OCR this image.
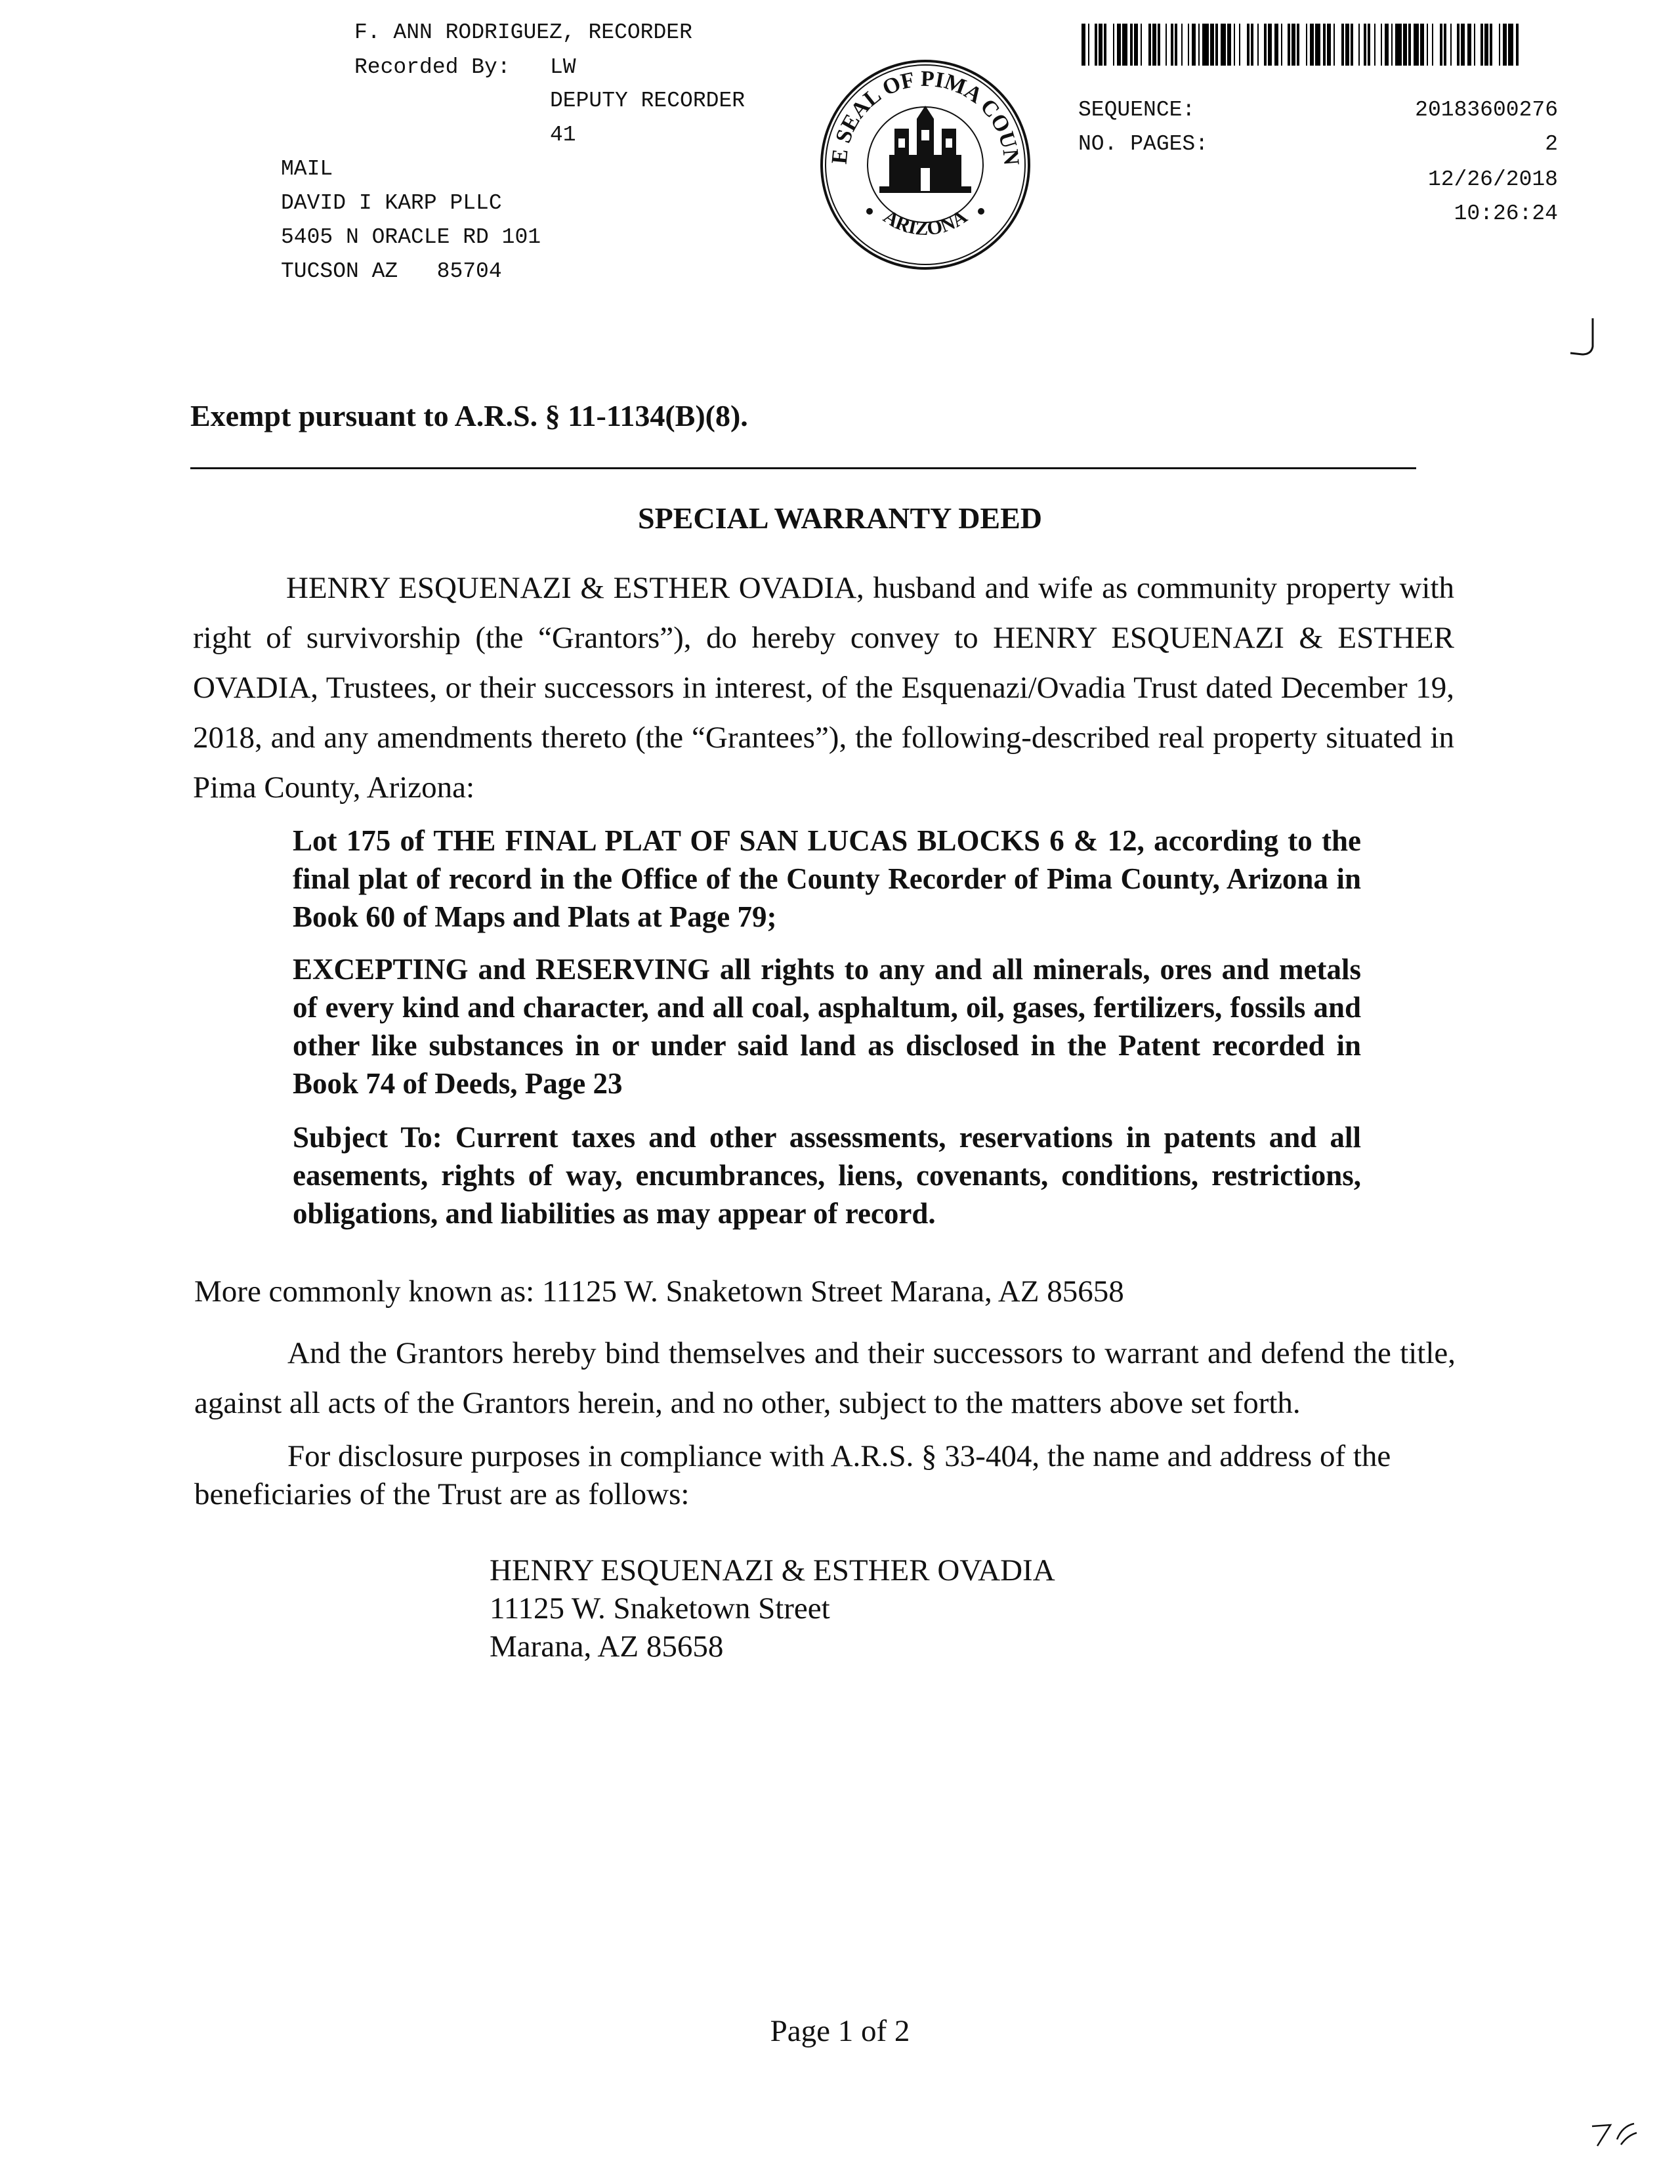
F. ANN RODRIGUEZ, RECORDER
Recorded By: LW
DEPUTY RECORDER
41
MAIL
DAVID I KARP PLLC
5405 N ORACLE RD 101
TUCSON AZ   85704
E SEAL OF PIMA COUN
ARIZONA
SEQUENCE:	20183600276
NO. PAGES:	2
12/26/2018
10:26:24
Exempt pursuant to A.R.S. § 11-1134(B)(8).
SPECIAL WARRANTY DEED
HENRY ESQUENAZI & ESTHER OVADIA, husband and wife as community property with right of survivorship (the “Grantors”), do hereby convey to HENRY ESQUENAZI & ESTHER OVADIA, Trustees, or their successors in interest, of the Esquenazi/Ovadia Trust dated December 19, 2018, and any amendments thereto (the “Grantees”), the following-described real property situated in Pima County, Arizona:
Lot 175 of THE FINAL PLAT OF SAN LUCAS BLOCKS 6 & 12, according to the final plat of record in the Office of the County Recorder of Pima County, Arizona in Book 60 of Maps and Plats at Page 79;
EXCEPTING and RESERVING all rights to any and all minerals, ores and metals of every kind and character, and all coal, asphaltum, oil, gases, fertilizers, fossils and other like substances in or under said land as disclosed in the Patent recorded in Book 74 of Deeds, Page 23
Subject To: Current taxes and other assessments, reservations in patents and all easements, rights of way, encumbrances, liens, covenants, conditions, restrictions, obligations, and liabilities as may appear of record.
More commonly known as: 11125 W. Snaketown Street Marana, AZ 85658
And the Grantors hereby bind themselves and their successors to warrant and defend the title, against all acts of the Grantors herein, and no other, subject to the matters above set forth.
For disclosure purposes in compliance with A.R.S. § 33-404, the name and address of the beneficiaries of the Trust are as follows:
HENRY ESQUENAZI & ESTHER OVADIA
11125 W. Snaketown Street
Marana, AZ 85658
Page 1 of 2
